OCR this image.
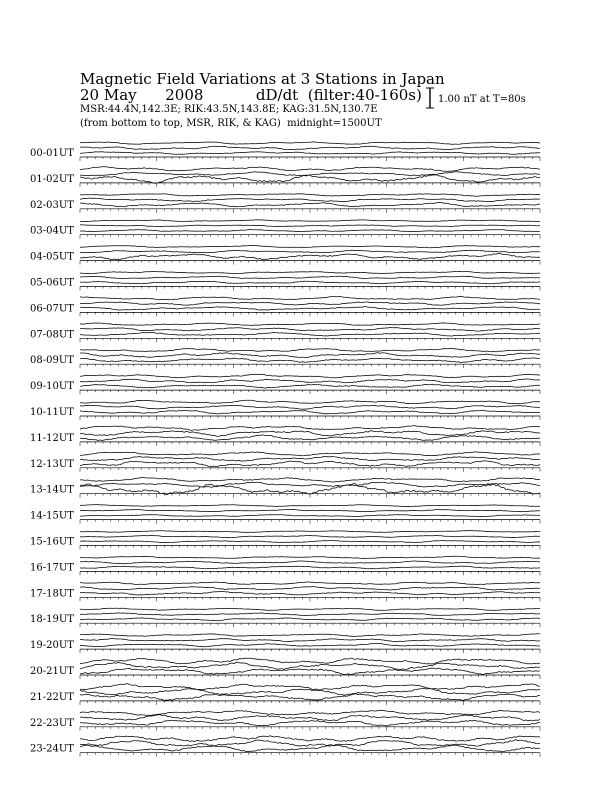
Magnetic Field Variations at 3 Stations in Japan
20 May 2008	dD/dt  (filter:40-160s)
MSR:44.4N,142.3E; RIK:43.5N,143.8E; KAG:31.5N,130.7E
(from bottom to top, MSR, RIK, & KAG)  midnight=1500UT
1.00 nT at T=80s
00-01UT
01-02UT
02-03UT
03-04UT
04-05UT
05-06UT
06-07UT
07-08UT
08-09UT
09-10UT
10-11UT
11-12UT
12-13UT
13-14UT
14-15UT
15-16UT
16-17UT
17-18UT
18-19UT
19-20UT
20-21UT
21-22UT
22-23UT
23-24UT
